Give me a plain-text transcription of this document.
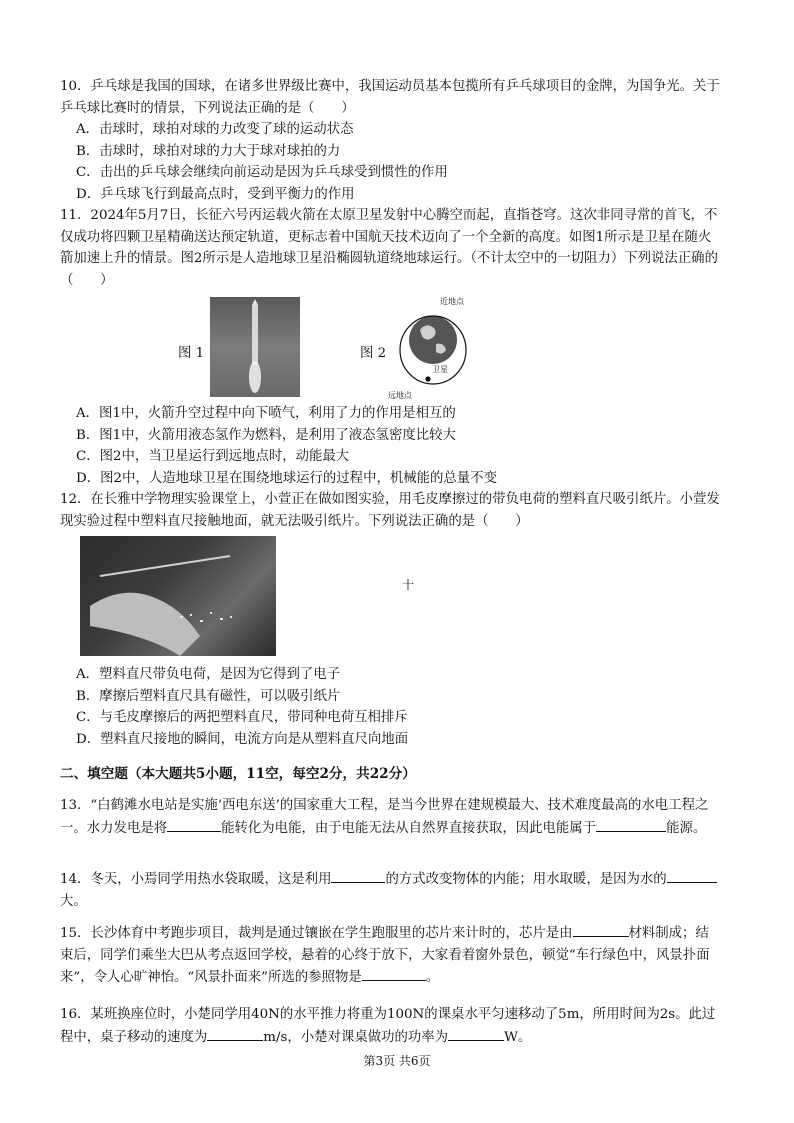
10．乒乓球是我国的国球，在诸多世界级比赛中，我国运动员基本包揽所有乒乓球项目的金牌，为国争光。关于乒乓球比赛时的情景，下列说法正确的是（　　）

A．击球时，球拍对球的力改变了球的运动状态

B．击球时，球拍对球的力大于球对球拍的力

C．击出的乒乓球会继续向前运动是因为乒乓球受到惯性的作用

D．乒乓球飞行到最高点时，受到平衡力的作用

11．2024年5月7日，长征六号丙运载火箭在太原卫星发射中心腾空而起，直指苍穹。这次非同寻常的首飞，不仅成功将四颗卫星精确送达预定轨道，更标志着中国航天技术迈向了一个全新的高度。如图1所示是卫星在随火箭加速上升的情景。图2所示是人造地球卫星沿椭圆轨道绕地球运行。（不计太空中的一切阻力）下列说法正确的（　　）

图 1	图 2
近地点
卫星
远地点

A．图1中，火箭升空过程中向下喷气，利用了力的作用是相互的

B．图1中，火箭用液态氢作为燃料，是利用了液态氢密度比较大

C．图2中，当卫星运行到远地点时，动能最大

D．图2中，人造地球卫星在围绕地球运行的过程中，机械能的总量不变

12．在长雅中学物理实验课堂上，小萱正在做如图实验，用毛皮摩擦过的带负电荷的塑料直尺吸引纸片。小萱发现实验过程中塑料直尺接触地面，就无法吸引纸片。下列说法正确的是（　　）

十

A．塑料直尺带负电荷，是因为它得到了电子

B．摩擦后塑料直尺具有磁性，可以吸引纸片

C．与毛皮摩擦后的两把塑料直尺，带同种电荷互相排斥

D．塑料直尺接地的瞬间，电流方向是从塑料直尺向地面

二、填空题（本大题共5小题，11空，每空2分，共22分）

13．“白鹤滩水电站是实施‘西电东送’的国家重大工程，是当今世界在建规模最大、技术难度最高的水电工程之一。水力发电是将	能转化为电能，由于电能无法从自然界直接获取，因此电能属于	能源。

14．冬天，小焉同学用热水袋取暖，这是利用	的方式改变物体的内能；用水取暖，是因为水的大。

15．长沙体育中考跑步项目，裁判是通过镶嵌在学生跑服里的芯片来计时的，芯片是由	材料制成；结束后，同学们乘坐大巴从考点返回学校，悬着的心终于放下，大家看着窗外景色，顿觉“车行绿色中，风景扑面来”，令人心旷神怡。“风景扑面来”所选的参照物是	。

16．某班换座位时，小楚同学用40N的水平推力将重为100N的课桌水平匀速移动了5m，所用时间为2s。此过程中，桌子移动的速度为	m/s，小楚对课桌做功的功率为	W。

第3页 共6页
